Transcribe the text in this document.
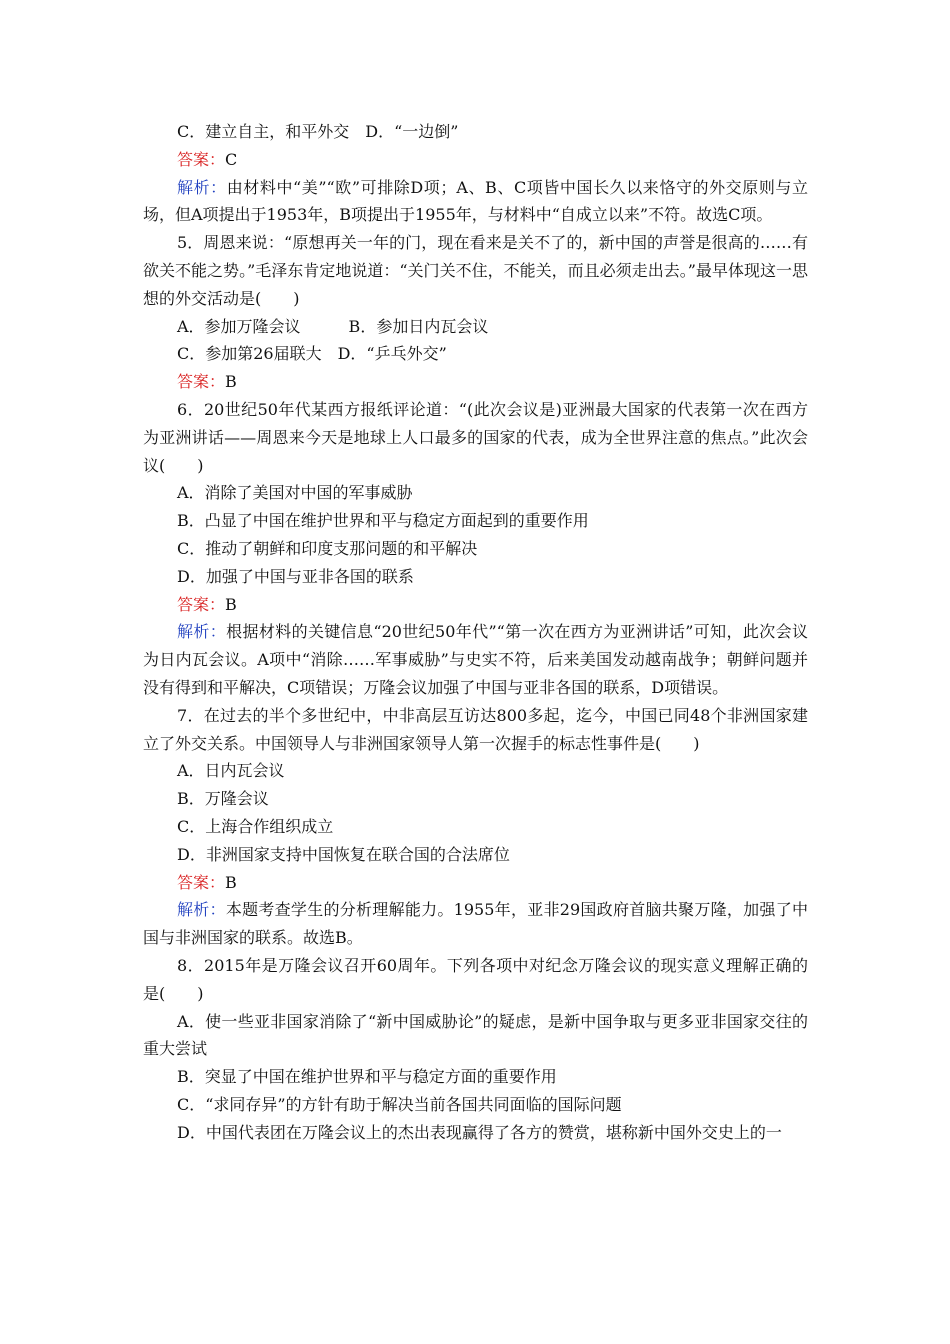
C．建立自主，和平外交　D．“一边倒”

答案：C

解析：由材料中“美”“欧”可排除D项；A、B、C项皆中国长久以来恪守的外交原则与立场，但A项提出于1953年，B项提出于1955年，与材料中“自成立以来”不符。故选C项。

5．周恩来说：“原想再关一年的门，现在看来是关不了的，新中国的声誉是很高的……有欲关不能之势。”毛泽东肯定地说道：“关门关不住，不能关，而且必须走出去。”最早体现这一思想的外交活动是(　　)

A．参加万隆会议　　　B．参加日内瓦会议

C．参加第26届联大　D．“乒乓外交”

答案：B

6．20世纪50年代某西方报纸评论道：“(此次会议是)亚洲最大国家的代表第一次在西方为亚洲讲话——周恩来今天是地球上人口最多的国家的代表，成为全世界注意的焦点。”此次会议(　　)

A．消除了美国对中国的军事威胁

B．凸显了中国在维护世界和平与稳定方面起到的重要作用

C．推动了朝鲜和印度支那问题的和平解决

D．加强了中国与亚非各国的联系

答案：B

解析：根据材料的关键信息“20世纪50年代”“第一次在西方为亚洲讲话”可知，此次会议为日内瓦会议。A项中“消除……军事威胁”与史实不符，后来美国发动越南战争；朝鲜问题并没有得到和平解决，C项错误；万隆会议加强了中国与亚非各国的联系，D项错误。

7．在过去的半个多世纪中，中非高层互访达800多起，迄今，中国已同48个非洲国家建立了外交关系。中国领导人与非洲国家领导人第一次握手的标志性事件是(　　)

A．日内瓦会议

B．万隆会议

C．上海合作组织成立

D．非洲国家支持中国恢复在联合国的合法席位

答案：B

解析：本题考查学生的分析理解能力。1955年，亚非29国政府首脑共聚万隆，加强了中国与非洲国家的联系。故选B。

8．2015年是万隆会议召开60周年。下列各项中对纪念万隆会议的现实意义理解正确的是(　　)

A．使一些亚非国家消除了“新中国威胁论”的疑虑，是新中国争取与更多亚非国家交往的重大尝试

B．突显了中国在维护世界和平与稳定方面的重要作用

C．“求同存异”的方针有助于解决当前各国共同面临的国际问题

D．中国代表团在万隆会议上的杰出表现赢得了各方的赞赏，堪称新中国外交史上的一
